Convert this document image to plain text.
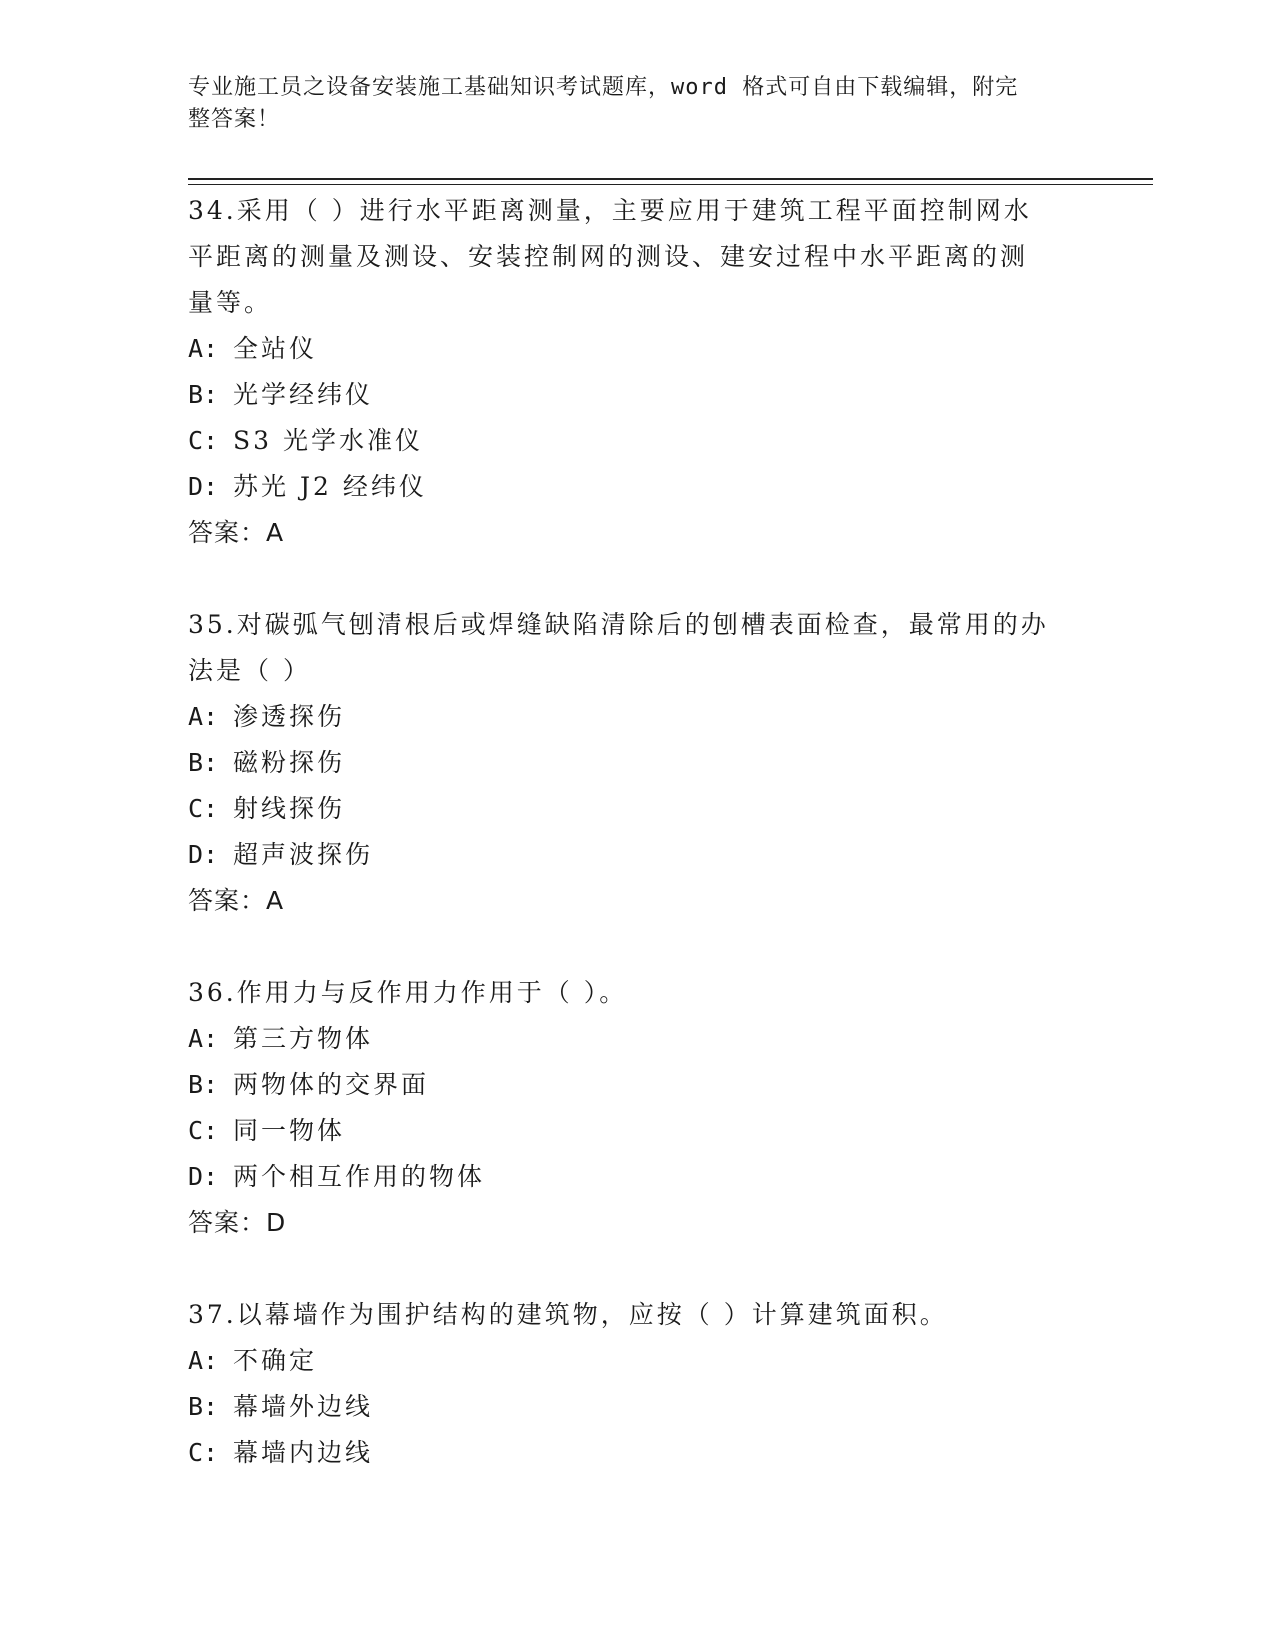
专业施工员之设备安装施工基础知识考试题库，word 格式可自由下载编辑，附完
整答案！
34.采用（ ）进行水平距离测量，主要应用于建筑工程平面控制网水
平距离的测量及测设、安装控制网的测设、建安过程中水平距离的测
量等。
A: 全站仪
B: 光学经纬仪
C: S3 光学水准仪
D: 苏光 J2 经纬仪
答案：A
35.对碳弧气刨清根后或焊缝缺陷清除后的刨槽表面检查，最常用的办
法是（ ）
A: 渗透探伤
B: 磁粉探伤
C: 射线探伤
D: 超声波探伤
答案：A
36.作用力与反作用力作用于（ ）。
A: 第三方物体
B: 两物体的交界面
C: 同一物体
D: 两个相互作用的物体
答案：D
37.以幕墙作为围护结构的建筑物，应按（ ）计算建筑面积。
A: 不确定
B: 幕墙外边线
C: 幕墙内边线
